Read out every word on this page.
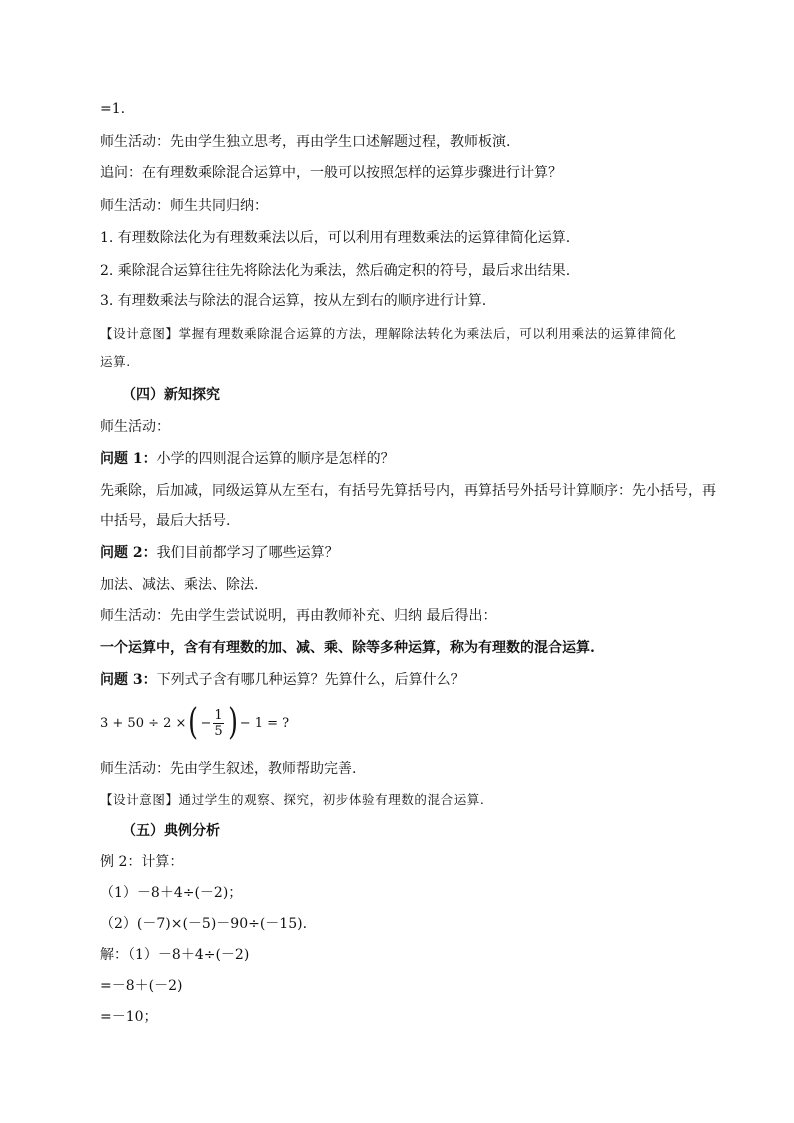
=1.
师生活动：先由学生独立思考，再由学生口述解题过程，教师板演.
追问：在有理数乘除混合运算中，一般可以按照怎样的运算步骤进行计算？
师生活动：师生共同归纳：
1. 有理数除法化为有理数乘法以后，可以利用有理数乘法的运算律简化运算.
2. 乘除混合运算往往先将除法化为乘法，然后确定积的符号，最后求出结果.
3. 有理数乘法与除法的混合运算，按从左到右的顺序进行计算.
【设计意图】掌握有理数乘除混合运算的方法，理解除法转化为乘法后，可以利用乘法的运算律简化
运算.
（四）新知探究
师生活动：
问题 1：小学的四则混合运算的顺序是怎样的？
先乘除，后加减，同级运算从左至右，有括号先算括号内，再算括号外括号计算顺序：先小括号，再
中括号，最后大括号.
问题 2：我们目前都学习了哪些运算？
加法、减法、乘法、除法.
师生活动：先由学生尝试说明，再由教师补充、归纳 最后得出：
一个运算中，含有有理数的加、减、乘、除等多种运算，称为有理数的混合运算.
问题 3：下列式子含有哪几种运算？先算什么，后算什么？
3 + 50 ÷ 2 × ( − $\frac{1}{5}$ ) − 1 = ?
师生活动：先由学生叙述，教师帮助完善.
【设计意图】通过学生的观察、探究，初步体验有理数的混合运算.
（五）典例分析
例 2：计算：
（1）－8＋4÷(－2)；
（2）(－7)×(－5)－90÷(－15).
解：（1）－8＋4÷(－2)
=－8＋(－2)
=－10；
